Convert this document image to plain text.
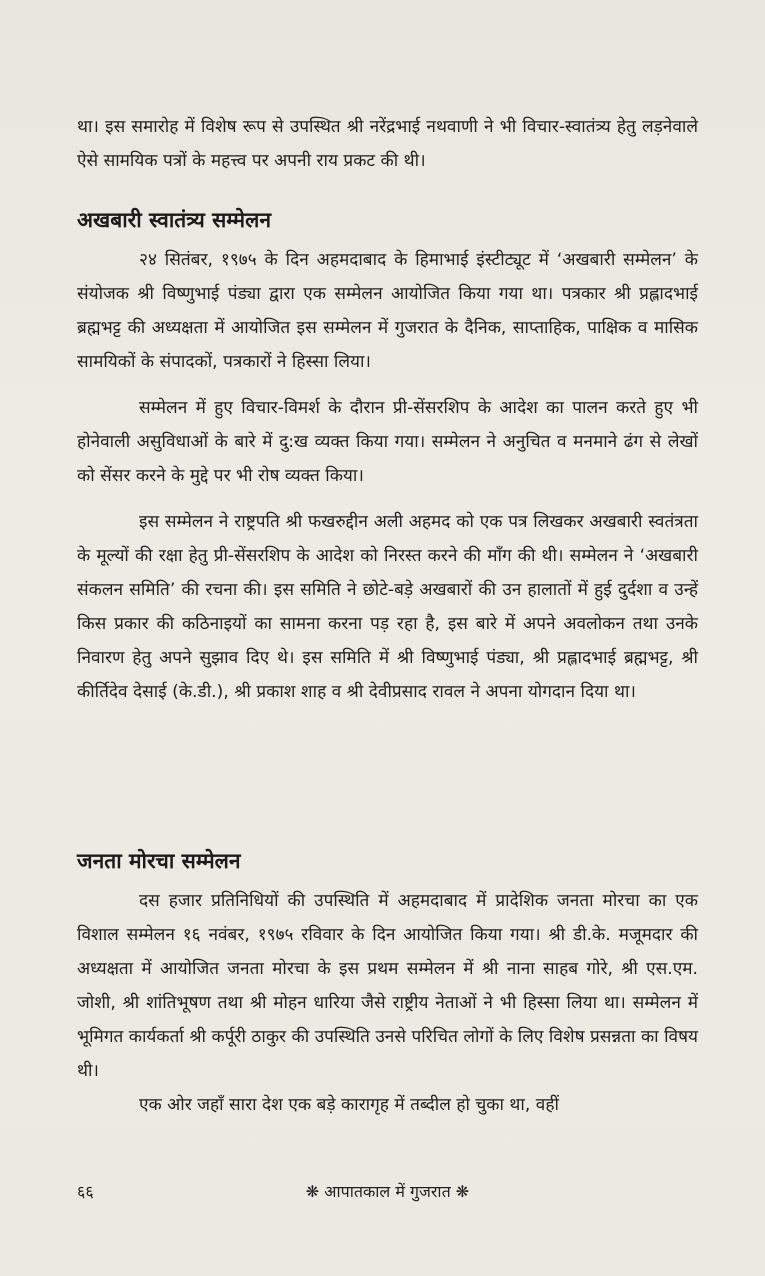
था। इस समारोह में विशेष रूप से उपस्थित श्री नरेंद्रभाई नथवाणी ने भी विचार-स्वातंत्र्य हेतु लड़नेवाले ऐसे सामयिक पत्रों के महत्त्व पर अपनी राय प्रकट की थी।

अखबारी स्वातंत्र्य सम्मेलन

२४ सितंबर, १९७५ के दिन अहमदाबाद के हिमाभाई इंस्टीट्यूट में ‘अखबारी सम्मेलन’ के संयोजक श्री विष्णुभाई पंड्या द्वारा एक सम्मेलन आयोजित किया गया था। पत्रकार श्री प्रह्लादभाई ब्रह्मभट्ट की अध्यक्षता में आयोजित इस सम्मेलन में गुजरात के दैनिक, साप्ताहिक, पाक्षिक व मासिक सामयिकों के संपादकों, पत्रकारों ने हिस्सा लिया।

सम्मेलन में हुए विचार-विमर्श के दौरान प्री-सेंसरशिप के आदेश का पालन करते हुए भी होनेवाली असुविधाओं के बारे में दु:ख व्यक्त किया गया। सम्मेलन ने अनुचित व मनमाने ढंग से लेखों को सेंसर करने के मुद्दे पर भी रोष व्यक्त किया।

इस सम्मेलन ने राष्ट्रपति श्री फखरुद्दीन अली अहमद को एक पत्र लिखकर अखबारी स्वतंत्रता के मूल्यों की रक्षा हेतु प्री-सेंसरशिप के आदेश को निरस्त करने की माँग की थी। सम्मेलन ने ‘अखबारी संकलन समिति’ की रचना की। इस समिति ने छोटे-बड़े अखबारों की उन हालातों में हुई दुर्दशा व उन्हें किस प्रकार की कठिनाइयों का सामना करना पड़ रहा है, इस बारे में अपने अवलोकन तथा उनके निवारण हेतु अपने सुझाव दिए थे। इस समिति में श्री विष्णुभाई पंड्या, श्री प्रह्लादभाई ब्रह्मभट्ट, श्री कीर्तिदेव देसाई (के.डी.), श्री प्रकाश शाह व श्री देवीप्रसाद रावल ने अपना योगदान दिया था।

जनता मोरचा सम्मेलन

दस हजार प्रतिनिधियों की उपस्थिति में अहमदाबाद में प्रादेशिक जनता मोरचा का एक विशाल सम्मेलन १६ नवंबर, १९७५ रविवार के दिन आयोजित किया गया। श्री डी.के. मजूमदार की अध्यक्षता में आयोजित जनता मोरचा के इस प्रथम सम्मेलन में श्री नाना साहब गोरे, श्री एस.एम. जोशी, श्री शांतिभूषण तथा श्री मोहन धारिया जैसे राष्ट्रीय नेताओं ने भी हिस्सा लिया था। सम्मेलन में भूमिगत कार्यकर्ता श्री कर्पूरी ठाकुर की उपस्थिति उनसे परिचित लोगों के लिए विशेष प्रसन्नता का विषय थी।

एक ओर जहाँ सारा देश एक बड़े कारागृह में तब्दील हो चुका था, वहीं

६६	❋ आपातकाल में गुजरात ❋
